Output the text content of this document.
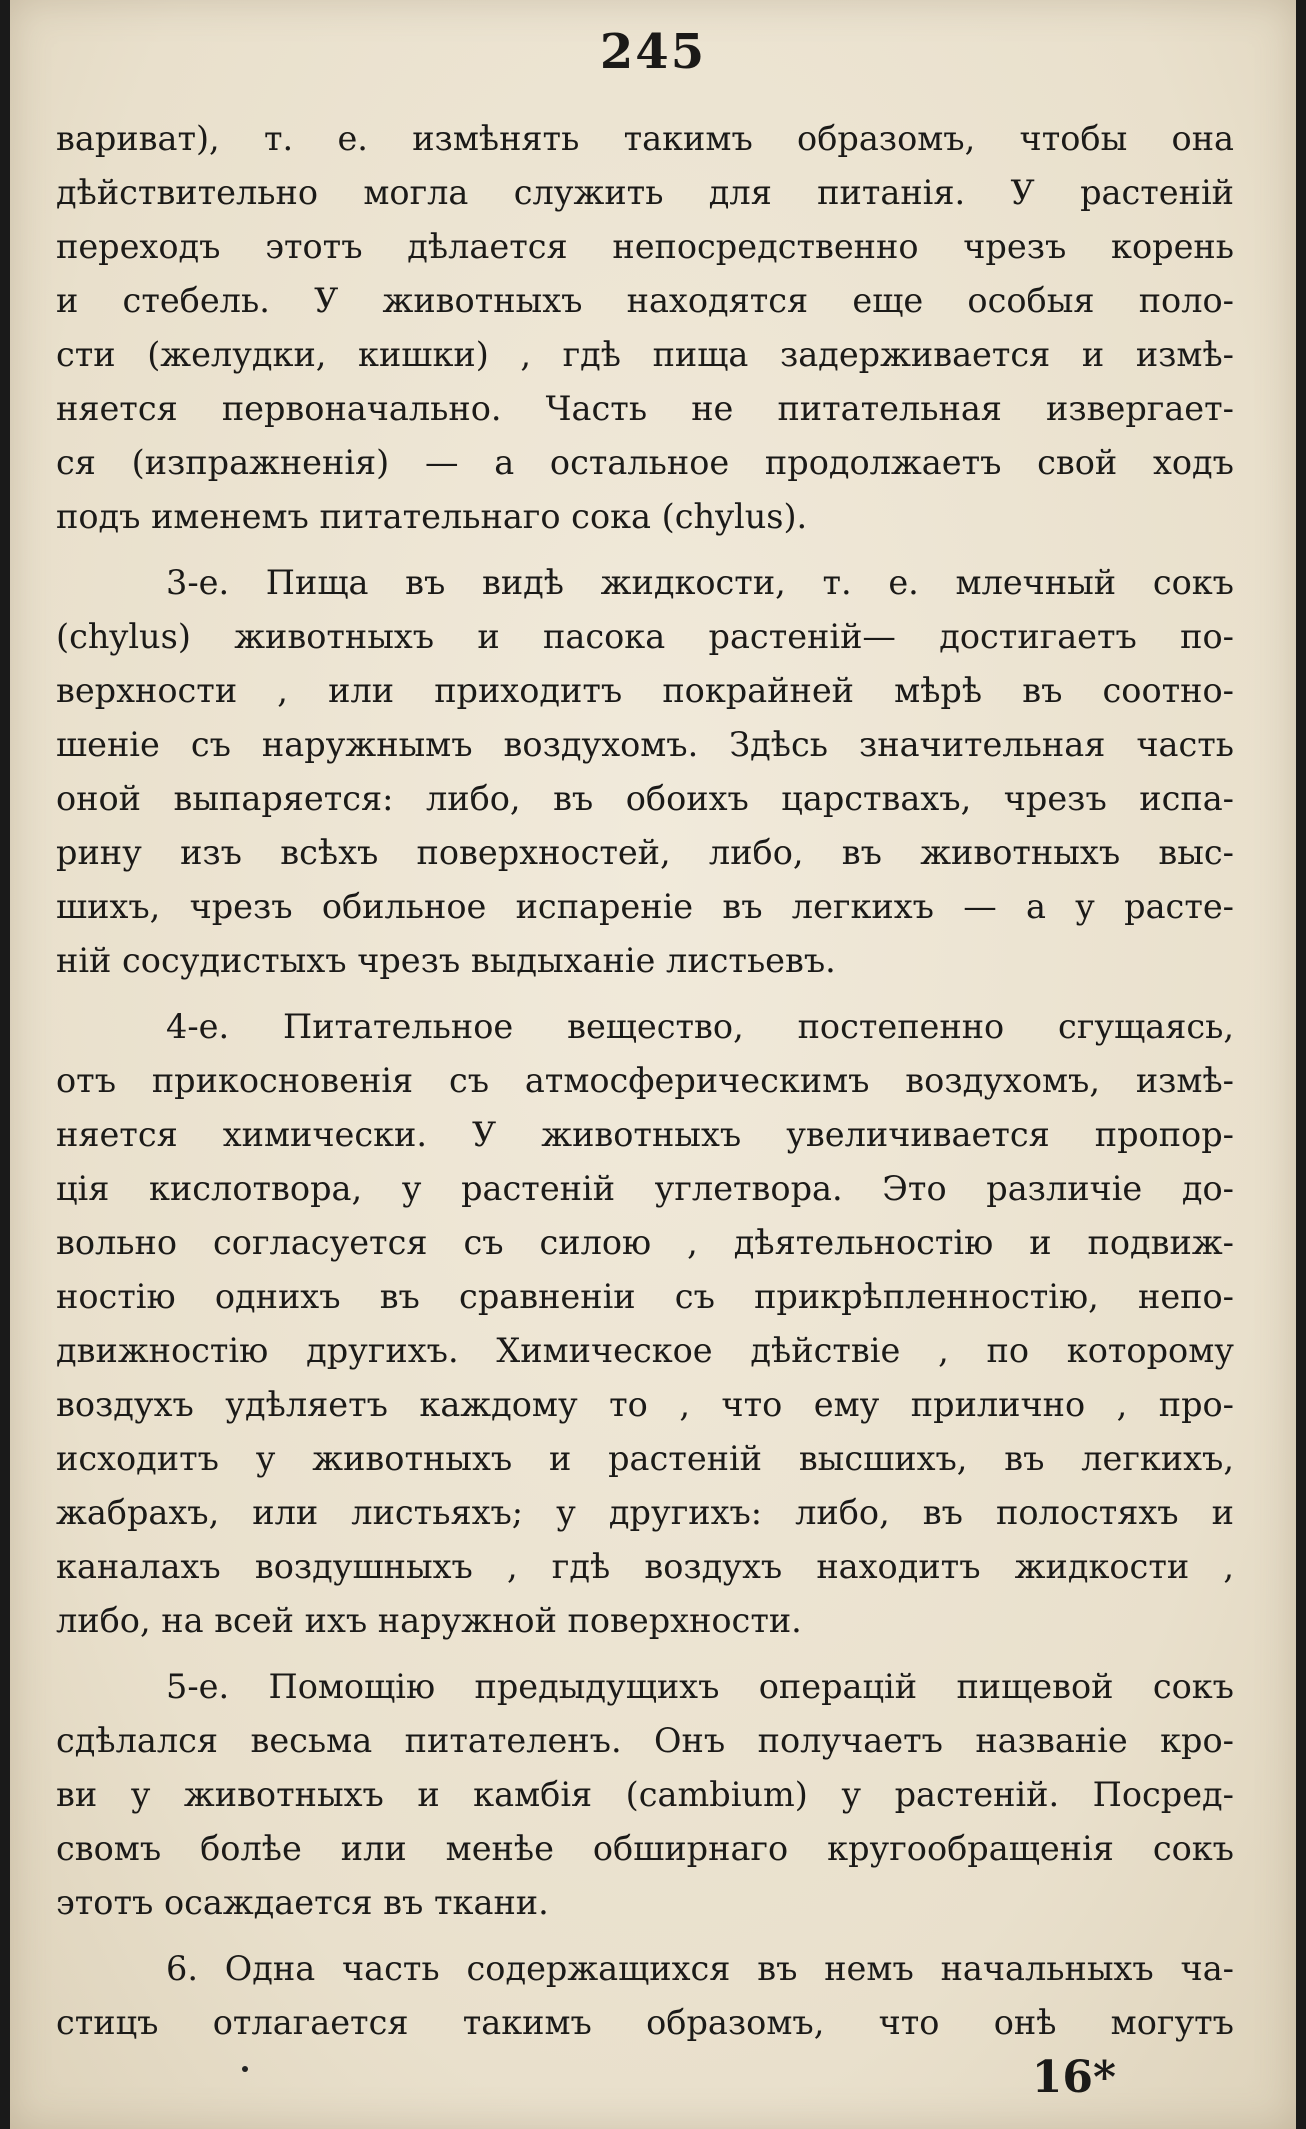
245
вариват), т. е. измѣнять такимъ образомъ, чтобы она
дѣйствительно могла служить для питанія. У растеній
переходъ этотъ дѣлается непосредственно чрезъ корень
и стебель. У животныхъ находятся еще особыя поло-
сти (желудки, кишки) , гдѣ пища задерживается и измѣ-
няется первоначально. Часть не питательная извергает-
ся (изпражненія) — а остальное продолжаетъ свой ходъ
подъ именемъ питательнаго сока (chylus).
3-е. Пища въ видѣ жидкости, т. е. млечный сокъ
(chylus) животныхъ и пасока растеній— достигаетъ по-
верхности , или приходитъ покрайней мѣрѣ въ соотно-
шеніе съ наружнымъ воздухомъ. Здѣсь значительная часть
оной выпаряется: либо, въ обоихъ царствахъ, чрезъ испа-
рину изъ всѣхъ поверхностей, либо, въ животныхъ выс-
шихъ, чрезъ обильное испареніе въ легкихъ — а у расте-
ній сосудистыхъ чрезъ выдыханіе листьевъ.
4-е. Питательное вещество, постепенно сгущаясь,
отъ прикосновенія съ атмосферическимъ воздухомъ, измѣ-
няется химически. У животныхъ увеличивается пропор-
ція кислотвора, у растеній углетвора. Это различіе до-
вольно согласуется съ силою , дѣятельностію и подвиж-
ностію однихъ въ сравненіи съ прикрѣпленностію, непо-
движностію другихъ. Химическое дѣйствіе , по которому
воздухъ удѣляетъ каждому то , что ему прилично , про-
исходитъ у животныхъ и растеній высшихъ, въ легкихъ,
жабрахъ, или листьяхъ; у другихъ: либо, въ полостяхъ и
каналахъ воздушныхъ , гдѣ воздухъ находитъ жидкости ,
либо, на всей ихъ наружной поверхности.
5-е. Помощію предыдущихъ операцій пищевой сокъ
сдѣлался весьма питателенъ. Онъ получаетъ названіе кро-
ви у животныхъ и камбія (cambium) у растеній. Посред-
свомъ болѣе или менѣе обширнаго кругообращенія сокъ
этотъ осаждается въ ткани.
6. Одна часть содержащихся въ немъ начальныхъ ча-
стицъ отлагается такимъ образомъ, что онѣ могутъ
16*
